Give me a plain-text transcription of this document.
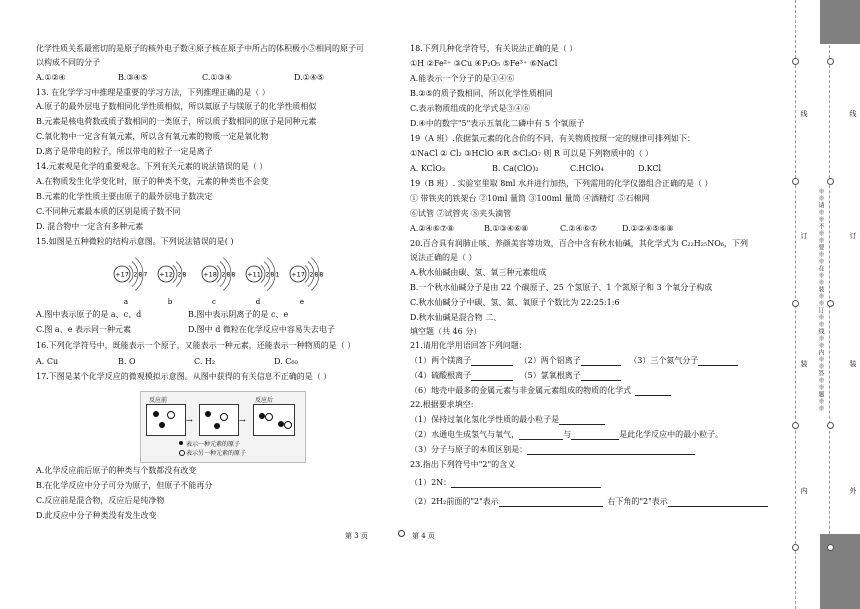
化学性质关系最密切的是原子的核外电子数④原子核在原子中所占的体积极小⑤相同的原子可
以构成不同的分子
A.①②④	B.③④⑤	C.①③④	D.①④⑤
13. 在化学学习中推理是重要的学习方法，下列推理正确的是（ ）
A.原子的最外层电子数相同化学性质相似，所以氦原子与镁原子的化学性质相似
B.元素是核电荷数或质子数相同的一类原子，所以质子数相同的原子是同种元素
C.氧化物中一定含有氧元素，所以含有氧元素的物质一定是氧化物
D.离子是带电的粒子，所以带电的粒子一定是离子
14.元素观是化学的重要观念。下列有关元素的说法错误的是（ ）
A.在物质发生化学变化时，原子的种类不变，元素的种类也不会变
B.元素的化学性质主要由原子的最外层电子数决定
C.不同种元素最本质的区别是质子数不同
D. 混合物中一定含有多种元素
15.如图是五种微粒的结构示意图。下列说法错误的是( )
+17 2 8 7
a
+12 2 8
b
+18 2 8 8
c
+11 2 8 1
d
+17 2 8 8
e
A.图中表示原子的是 a、c、d	B.图中表示阴离子的是 c、e
C.图 a、e 表示同一种元素	D.图中 d 微粒在化学反应中容易失去电子
16.下列化学符号中，既能表示一个原子，又能表示一种元素，还能表示一种物质的是（ ）
A. Cu	B. O	C. H₂	D. C₆₀
17.下图是某个化学反应的微观模拟示意图。从图中获得的有关信息不正确的是（ ）
反应前	反应后
→	→
表示一种元素的原子
表示另一种元素的原子
A.化学反应前后原子的种类与个数都没有改变
B.在化学反应中分子可分为原子，但原子不能再分
C.反应前是混合物，反应后是纯净物
D.此反应中分子种类没有发生改变
第 3 页	第 4 页
18.下列几种化学符号，有关说法正确的是（ ）
①H ②Fe²⁺ ③Cu ④P₂O₅ ⑤Fe³⁺ ⑥NaCl
A.能表示一个分子的是①④⑥
B.②⑤的质子数相同，所以化学性质相同
C.表示物质组成的化学式是③④⑥
D.④中的数字"5"表示五氧化二磷中有 5 个氧原子
19（A 班）.依据氯元素的化合价的不同，有关物质按照一定的规律可排列如下：
①NaCl ② Cl₂ ③HClO ④R ⑤Cl₂O₇ 则 R 可以是下列物质中的（ ）
A. KClO₃	B. Ca(ClO)₂	C.HClO₄	D.KCl
19（B 班）. 实验室里取 8ml 水并进行加热，下列需用的化学仪器组合正确的是（ ）
① 带铁夹的铁架台 ②10ml 量筒 ③100ml 量筒 ④酒精灯 ⑤石棉网
⑥试管 ⑦试管夹 ⑧夹头滴管
A.②④⑥⑦⑧	B.①③④⑥⑧	C.②④⑥⑦	D.①②④⑤⑥⑧
20.百合具有润肺止咳、养颜美容等功效，百合中含有秋水仙碱，其化学式为 C₂₂H₂₅NO₆，下列
说法正确的是（ ）
A.秋水仙碱由碳、氢、氧三种元素组成
B.一个秋水仙碱分子是由 22 个碳原子、25 个氢原子、1 个氮原子和 3 个氧分子构成
C.秋水仙碱分子中碳、氢、氮、氧原子个数比为 22:25:1:6
D.秋水仙碱是混合物 二、
填空题（共 46 分）
21.请用化学用语回答下列问题：
（1）两个镁离子	（2）两个铝离子	（3）三个氮气分子
（4）硫酸根离子	（5）氯氧根离子
（6）地壳中最多的金属元素与非金属元素组成的物质的化学式
22.根据要求填空:
（1）保持过氧化氢化学性质的最小粒子是
（2）水通电生成氢气与氧气，	与	是此化学反应中的最小粒子。
（3）分子与原子的本质区别是：
23.指出下列符号中"2"的含义
（1）2N：
（2）2H₂前面的"2"表示	右下角的"2"表示
线
订
装
内
※※请※※不※※要※※在※※装※※订※※线※※内※※答※※题※※
线
订
装
外
